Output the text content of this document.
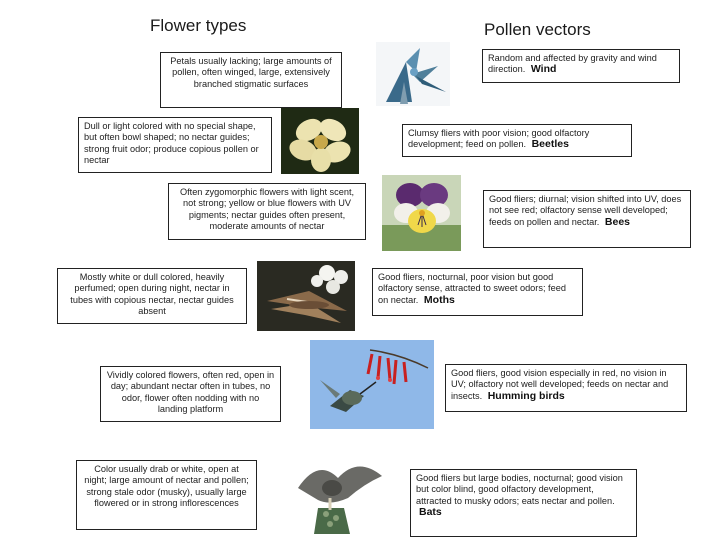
Flower types	Pollen vectors
Petals usually lacking; large amounts of pollen, often winged, large, extensively branched stigmatic surfaces
Random and affected by gravity and wind direction. Wind
Dull or light colored with no special shape, but often bowl shaped; no nectar guides; strong fruit odor; produce copious pollen or nectar
Clumsy fliers with poor vision; good olfactory development; feed on pollen. Beetles
Often zygomorphic flowers with light scent, not strong; yellow or blue flowers with UV pigments; nectar guides often present, moderate amounts of nectar
Good fliers; diurnal; vision shifted into UV, does not see red; olfactory sense well developed; feeds on pollen and nectar. Bees
Mostly white or dull colored, heavily perfumed; open during night, nectar in tubes with copious nectar, nectar guides absent
Good fliers, nocturnal, poor vision but good olfactory sense, attracted to sweet odors; feed on nectar. Moths
Vividly colored flowers, often red, open in day; abundant nectar often in tubes, no odor, flower often nodding with no landing platform
Good fliers, good vision especially in red, no vision in UV; olfactory not well developed; feeds on nectar and insects. Humming birds
Color usually drab or white, open at night; large amount of nectar and pollen; strong stale odor (musky), usually large flowered or in strong inflorescences
Good fliers but large bodies, nocturnal; good vision but color blind, good olfactory development, attracted to musky odors; eats nectar and pollen. Bats
